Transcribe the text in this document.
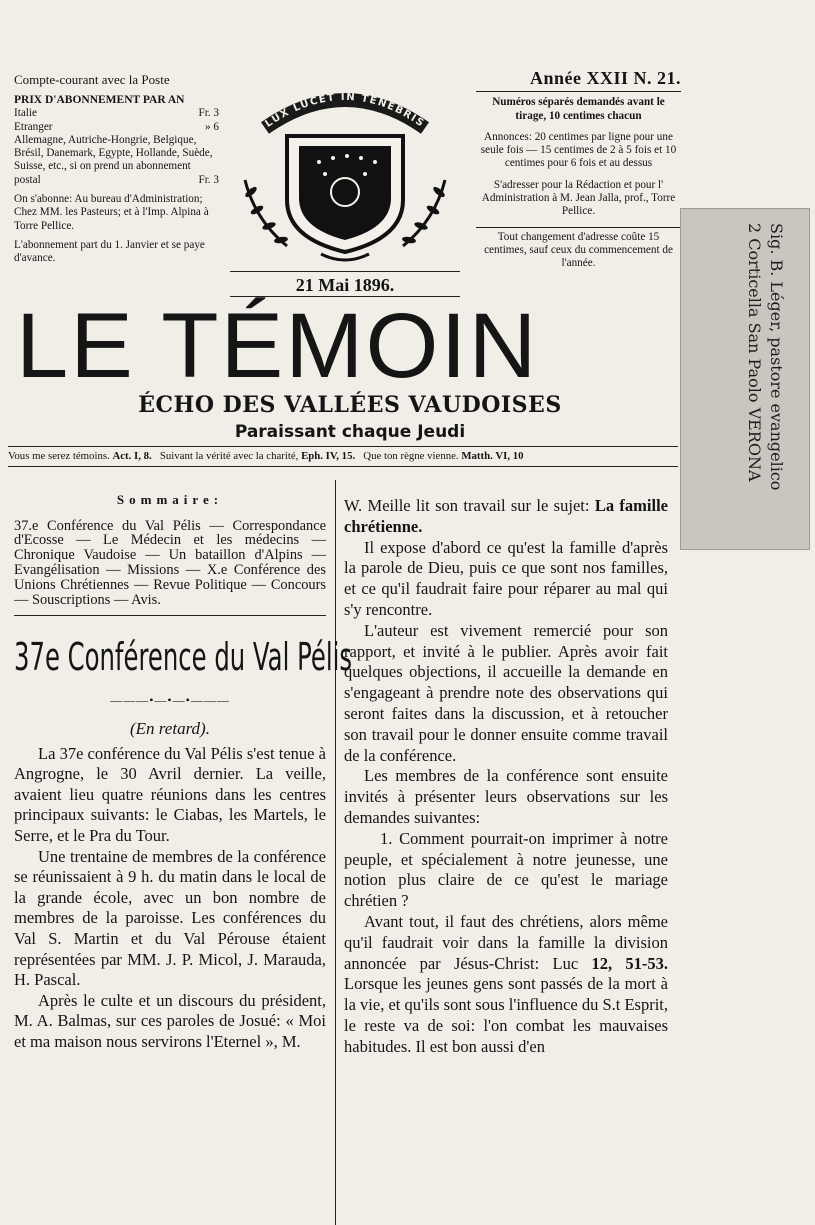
Compte-courant avec la Poste
PRIX D'ABONNEMENT PAR AN
Italie	Fr. 3
Etranger	» 6
Allemagne, Autriche-Hongrie, Belgique, Brésil, Danemark, Egypte, Hollande, Suède, Suisse, etc., si on prend un abonnement postal	Fr. 3
On s'abonne: Au bureau d'Administration; Chez MM. les Pasteurs; et à l'Imp. Alpina à Torre Pellice.
L'abonnement part du 1. Janvier et se paye d'avance.
LUX LUCET IN TENEBRIS
21 Mai 1896.
Année XXII N. 21.
Numéros séparés demandés avant le tirage, 10 centimes chacun
Annonces: 20 centimes par ligne pour une seule fois — 15 centimes de 2 à 5 fois et 10 centimes pour 6 fois et au dessus
S'adresser pour la Rédaction et pour l' Administration à M. Jean Jalla, prof., Torre Pellice.
Tout changement d'adresse coûte 15 centimes, sauf ceux du commencement de l'année.	Sig. B. Léger, pastore evangelico
2 Corticella San Paolo VERONA
LE TÉMOIN
ÉCHO DES VALLÉES VAUDOISES
Paraissant chaque Jeudi
Vous me serez témoins. Act. I, 8. Suivant la vérité avec la charité, Eph. IV, 15. Que ton règne vienne. Matth. VI, 10
Sommaire:
37.e Conférence du Val Pélis — Correspondance d'Ecosse — Le Médecin et les médecins — Chronique Vaudoise — Un bataillon d'Alpins — Evangélisation — Missions — X.e Conférence des Unions Chrétiennes — Revue Politique — Concours — Souscriptions — Avis.
37e Conférence du Val Pélis
———•—•—•———
(En retard).

La 37e conférence du Val Pélis s'est tenue à Angrogne, le 30 Avril dernier. La veille, avaient lieu quatre réunions dans les centres principaux suivants: le Ciabas, les Martels, le Serre, et le Pra du Tour.

Une trentaine de membres de la conférence se réunissaient à 9 h. du matin dans le local de la grande école, avec un bon nombre de membres de la paroisse. Les conférences du Val S. Martin et du Val Pérouse étaient représentées par MM. J. P. Micol, J. Marauda, H. Pascal.

Après le culte et un discours du président, M. A. Balmas, sur ces paroles de Josué: « Moi et ma maison nous servirons l'Eternel », M.

W. Meille lit son travail sur le sujet: La famille chrétienne.

Il expose d'abord ce qu'est la famille d'après la parole de Dieu, puis ce que sont nos familles, et ce qu'il faudrait faire pour réparer au mal qui s'y rencontre.

L'auteur est vivement remercié pour son rapport, et invité à le publier. Après avoir fait quelques objections, il accueille la demande en s'engageant à prendre note des observations qui seront faites dans la discussion, et à retoucher son travail pour le donner ensuite comme travail de la conférence.

Les membres de la conférence sont ensuite invités à présenter leurs observations sur les demandes suivantes:

1. Comment pourrait-on imprimer à notre peuple, et spécialement à notre jeunesse, une notion plus claire de ce qu'est le mariage chrétien ?

Avant tout, il faut des chrétiens, alors même qu'il faudrait voir dans la famille la division annoncée par Jésus-Christ: Luc 12, 51-53. Lorsque les jeunes gens sont passés de la mort à la vie, et qu'ils sont sous l'influence du S.t Esprit, le reste va de soi: l'on combat les mauvaises habitudes. Il est bon aussi d'en
